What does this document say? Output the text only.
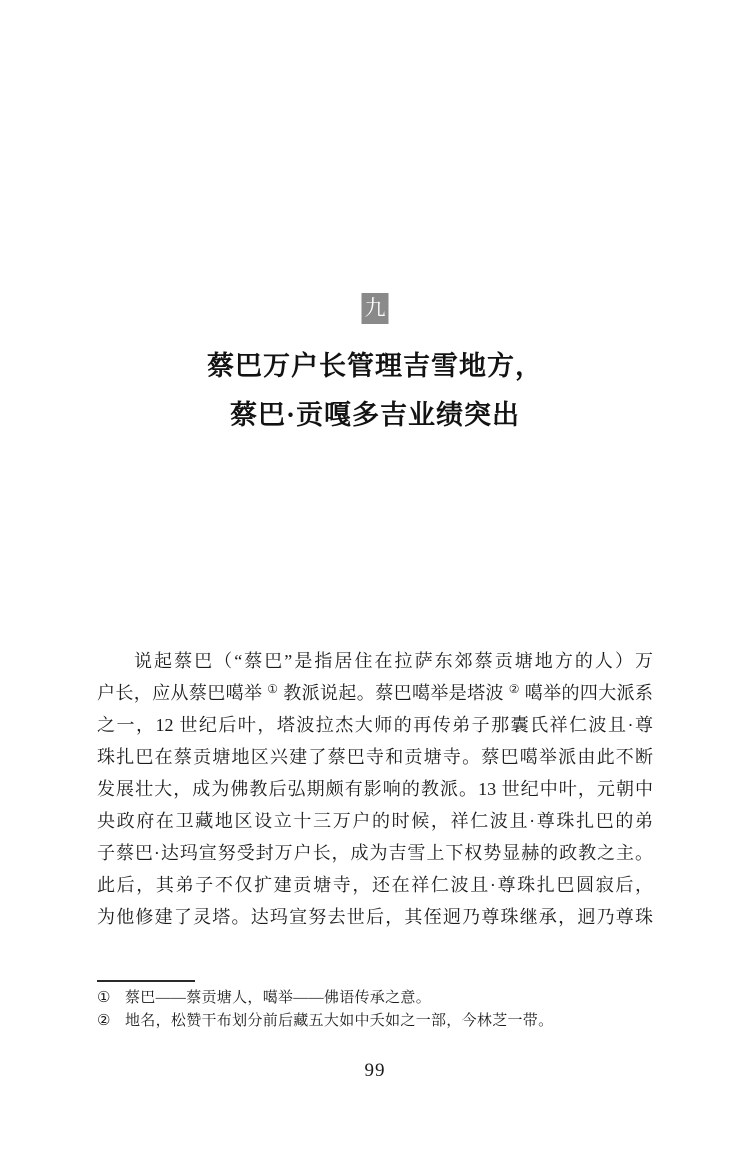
九
蔡巴万户长管理吉雪地方，
蔡巴·贡嘎多吉业绩突出
说起蔡巴（“蔡巴”是指居住在拉萨东郊蔡贡塘地方的人）万
户长，应从蔡巴噶举 ① 教派说起。蔡巴噶举是塔波 ② 噶举的四大派系
之一，12 世纪后叶，塔波拉杰大师的再传弟子那囊氏祥仁波且·尊
珠扎巴在蔡贡塘地区兴建了蔡巴寺和贡塘寺。蔡巴噶举派由此不断
发展壮大，成为佛教后弘期颇有影响的教派。13 世纪中叶，元朝中
央政府在卫藏地区设立十三万户的时候，祥仁波且·尊珠扎巴的弟
子蔡巴·达玛宣努受封万户长，成为吉雪上下权势显赫的政教之主。
此后，其弟子不仅扩建贡塘寺，还在祥仁波且·尊珠扎巴圆寂后，
为他修建了灵塔。达玛宣努去世后，其侄迥乃尊珠继承，迥乃尊珠
① 蔡巴——蔡贡塘人，噶举——佛语传承之意。
② 地名，松赞干布划分前后藏五大如中夭如之一部，今林芝一带。
99
